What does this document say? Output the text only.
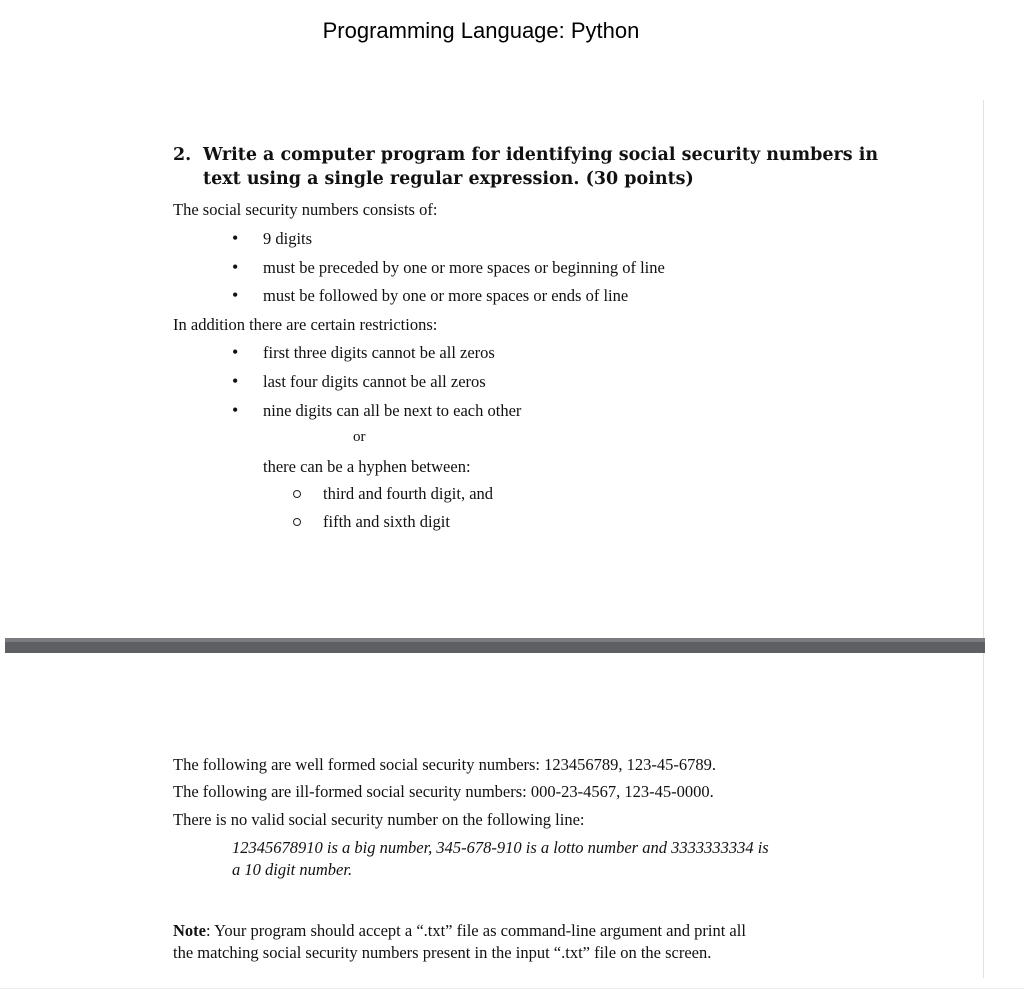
Programming Language: Python
2. Write a computer program for identifying social security numbers in text using a single regular expression. (30 points)
The social security numbers consists of:
• 9 digits
• must be preceded by one or more spaces or beginning of line
• must be followed by one or more spaces or ends of line
In addition there are certain restrictions:
• first three digits cannot be all zeros
• last four digits cannot be all zeros
• nine digits can all be next to each other
or
there can be a hyphen between:
third and fourth digit, and
fifth and sixth digit
The following are well formed social security numbers: 123456789, 123-45-6789.
The following are ill-formed social security numbers: 000-23-4567, 123-45-0000.
There is no valid social security number on the following line:
12345678910 is a big number, 345-678-910 is a lotto number and 3333333334 is
a 10 digit number.
Note: Your program should accept a “.txt” file as command-line argument and print all
the matching social security numbers present in the input “.txt” file on the screen.
